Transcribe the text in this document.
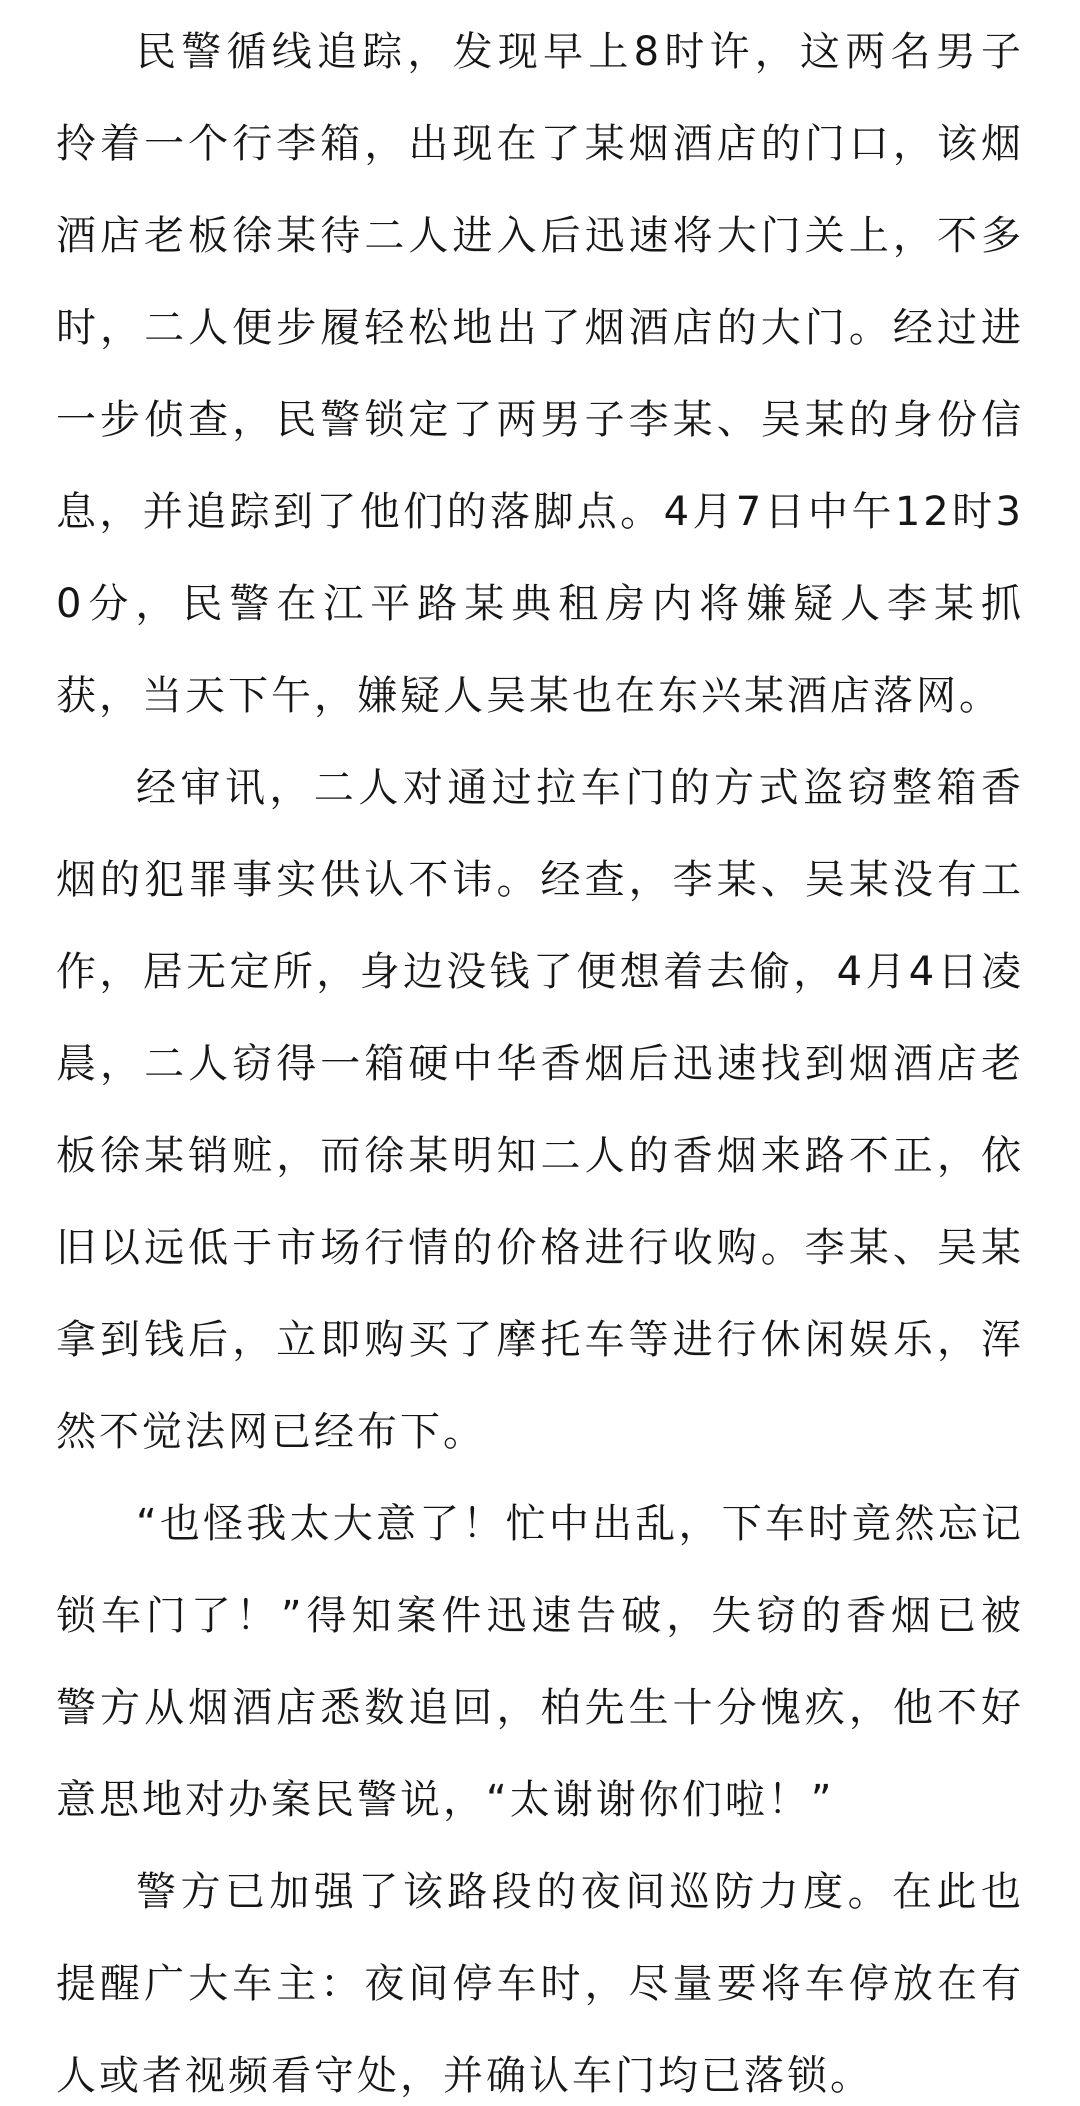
民警循线追踪，发现早上8时许，这两名男子拎着一个行李箱，出现在了某烟酒店的门口，该烟酒店老板徐某待二人进入后迅速将大门关上，不多时，二人便步履轻松地出了烟酒店的大门。经过进一步侦查，民警锁定了两男子李某、吴某的身份信息，并追踪到了他们的落脚点。4月7日中午12时30分，民警在江平路某典租房内将嫌疑人李某抓获，当天下午，嫌疑人吴某也在东兴某酒店落网。

经审讯，二人对通过拉车门的方式盗窃整箱香烟的犯罪事实供认不讳。经查，李某、吴某没有工作，居无定所，身边没钱了便想着去偷，4月4日凌晨，二人窃得一箱硬中华香烟后迅速找到烟酒店老板徐某销赃，而徐某明知二人的香烟来路不正，依旧以远低于市场行情的价格进行收购。李某、吴某拿到钱后，立即购买了摩托车等进行休闲娱乐，浑然不觉法网已经布下。

“也怪我太大意了！忙中出乱，下车时竟然忘记锁车门了！”得知案件迅速告破，失窃的香烟已被警方从烟酒店悉数追回，柏先生十分愧疚，他不好意思地对办案民警说，“太谢谢你们啦！”

警方已加强了该路段的夜间巡防力度。在此也提醒广大车主：夜间停车时，尽量要将车停放在有人或者视频看守处，并确认车门均已落锁。
